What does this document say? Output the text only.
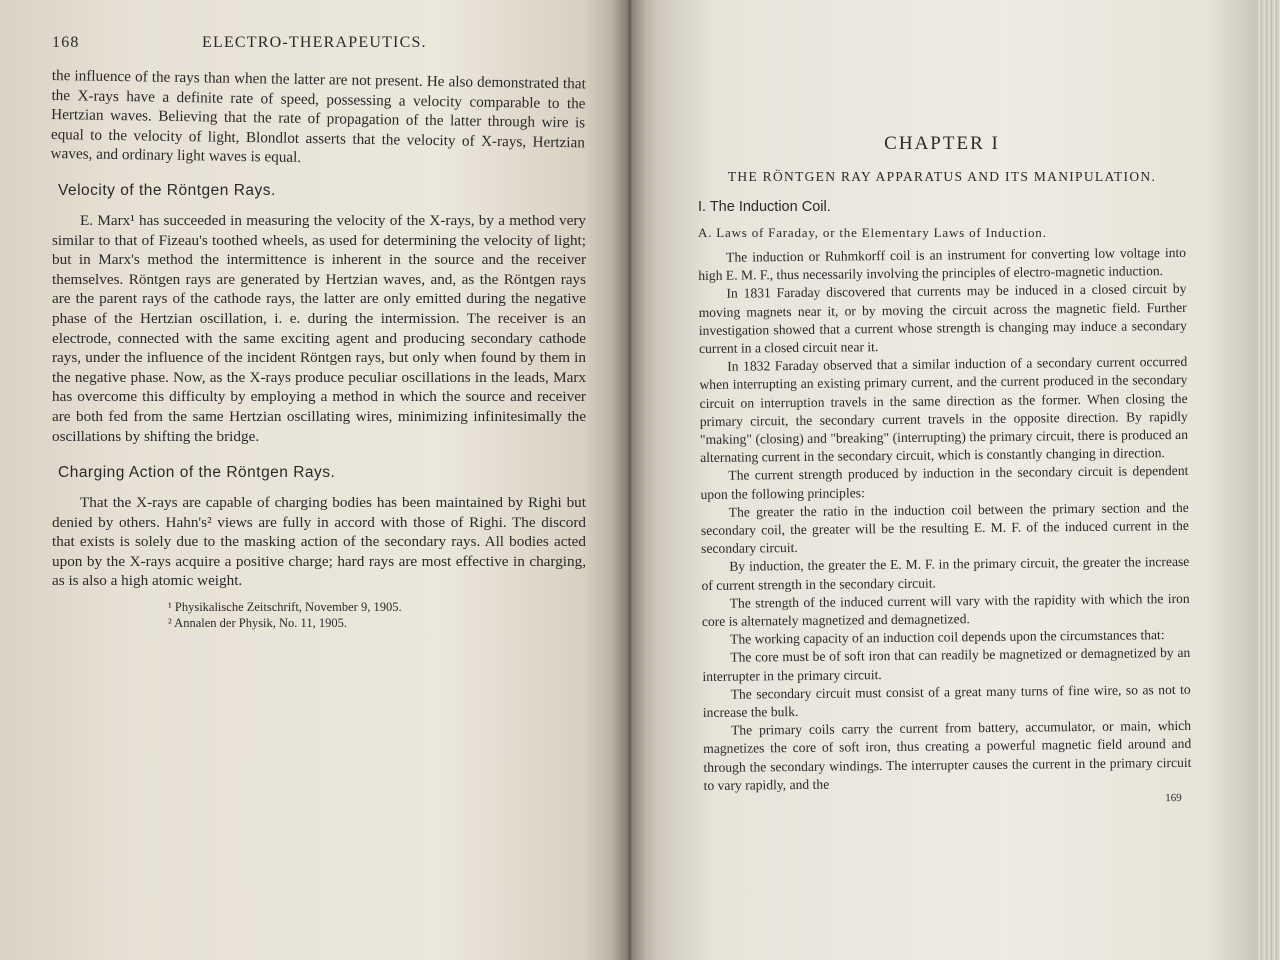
168	ELECTRO-THERAPEUTICS.

the influence of the rays than when the latter are not present. He also demonstrated that the X-rays have a definite rate of speed, possessing a velocity comparable to the Hertzian waves. Believing that the rate of propagation of the latter through wire is equal to the velocity of light, Blondlot asserts that the velocity of X-rays, Hertzian waves, and ordinary light waves is equal.

Velocity of the Röntgen Rays.

E. Marx¹ has succeeded in measuring the velocity of the X-rays, by a method very similar to that of Fizeau's toothed wheels, as used for determining the velocity of light; but in Marx's method the intermittence is inherent in the source and the receiver themselves. Röntgen rays are generated by Hertzian waves, and, as the Röntgen rays are the parent rays of the cathode rays, the latter are only emitted during the negative phase of the Hertzian oscillation, i. e. during the intermission. The receiver is an electrode, connected with the same exciting agent and producing secondary cathode rays, under the influence of the incident Röntgen rays, but only when found by them in the negative phase. Now, as the X-rays produce peculiar oscillations in the leads, Marx has overcome this difficulty by employing a method in which the source and receiver are both fed from the same Hertzian oscillating wires, minimizing infinitesimally the oscillations by shifting the bridge.

Charging Action of the Röntgen Rays.

That the X-rays are capable of charging bodies has been maintained by Righi but denied by others. Hahn's² views are fully in accord with those of Righi. The discord that exists is solely due to the masking action of the secondary rays. All bodies acted upon by the X-rays acquire a positive charge; hard rays are most effective in charging, as is also a high atomic weight.

¹ Physikalische Zeitschrift, November 9, 1905.
² Annalen der Physik, No. 11, 1905.
CHAPTER I
THE RÖNTGEN RAY APPARATUS AND ITS MANIPULATION.
I. The Induction Coil.
A. Laws of Faraday, or the Elementary Laws of Induction.

The induction or Ruhmkorff coil is an instrument for converting low voltage into high E. M. F., thus necessarily involving the principles of electro-magnetic induction.

In 1831 Faraday discovered that currents may be induced in a closed circuit by moving magnets near it, or by moving the circuit across the magnetic field. Further investigation showed that a current whose strength is changing may induce a secondary current in a closed circuit near it.

In 1832 Faraday observed that a similar induction of a secondary current occurred when interrupting an existing primary current, and the current produced in the secondary circuit on interruption travels in the same direction as the former. When closing the primary circuit, the secondary current travels in the opposite direction. By rapidly "making" (closing) and "breaking" (interrupting) the primary circuit, there is produced an alternating current in the secondary circuit, which is constantly changing in direction.

The current strength produced by induction in the secondary circuit is dependent upon the following principles:

The greater the ratio in the induction coil between the primary section and the secondary coil, the greater will be the resulting E. M. F. of the induced current in the secondary circuit.

By induction, the greater the E. M. F. in the primary circuit, the greater the increase of current strength in the secondary circuit.

The strength of the induced current will vary with the rapidity with which the iron core is alternately magnetized and demagnetized.

The working capacity of an induction coil depends upon the circumstances that:

The core must be of soft iron that can readily be magnetized or demagnetized by an interrupter in the primary circuit.

The secondary circuit must consist of a great many turns of fine wire, so as not to increase the bulk.

The primary coils carry the current from battery, accumulator, or main, which magnetizes the core of soft iron, thus creating a powerful magnetic field around and through the secondary windings. The interrupter causes the current in the primary circuit to vary rapidly, and the

169
